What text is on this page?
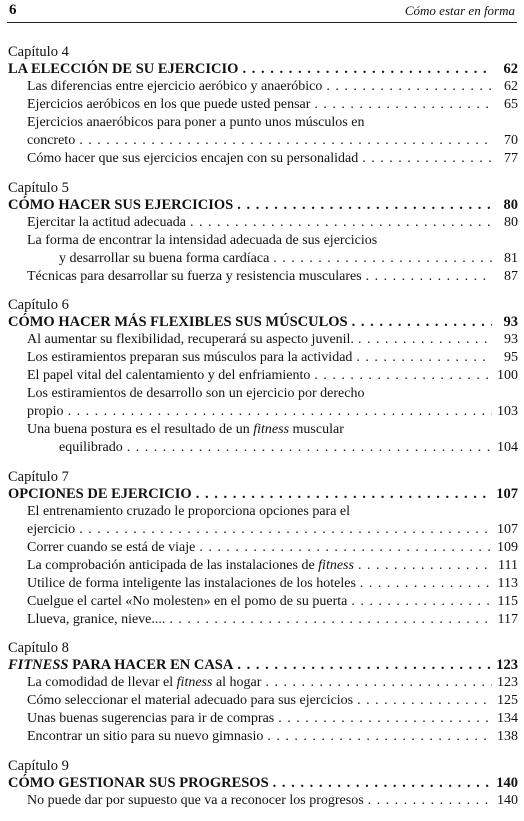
6	Cómo estar en forma
Capítulo 4
LA ELECCIÓN DE SU EJERCICIO . . .	62
Las diferencias entre ejercicio aeróbico y anaeróbico . . .	62
Ejercicios aeróbicos en los que puede usted pensar . . .	65
Ejercicios anaeróbicos para poner a punto unos músculos en
concreto . . .	70
Cómo hacer que sus ejercicios encajen con su personalidad . . .	77
Capítulo 5
CÓMO HACER SUS EJERCICIOS . . .	80
Ejercitar la actitud adecuada . . .	80
La forma de encontrar la intensidad adecuada de sus ejercicios
y desarrollar su buena forma cardíaca . . .	81
Técnicas para desarrollar su fuerza y resistencia musculares . . .	87
Capítulo 6
CÓMO HACER MÁS FLEXIBLES SUS MÚSCULOS . . .	93
Al aumentar su flexibilidad, recuperará su aspecto juvenil. . . .	93
Los estiramientos preparan sus músculos para la actividad . . .	95
El papel vital del calentamiento y del enfriamiento . . .	100
Los estiramientos de desarrollo son un ejercicio por derecho
propio . . .	103
Una buena postura es el resultado de un fitness muscular
equilibrado . . .	104
Capítulo 7
OPCIONES DE EJERCICIO . . .	107
El entrenamiento cruzado le proporciona opciones para el
ejercicio . . .	107
Correr cuando se está de viaje . . .	109
La comprobación anticipada de las instalaciones de fitness . . .	111
Utilice de forma inteligente las instalaciones de los hoteles . . .	113
Cuelgue el cartel «No molesten» en el pomo de su puerta . . .	115
Llueva, granice, nieve.... . . .	117
Capítulo 8
FITNESS PARA HACER EN CASA . . .	123
La comodidad de llevar el fitness al hogar . . .	123
Cómo seleccionar el material adecuado para sus ejercicios . . .	125
Unas buenas sugerencias para ir de compras . . .	134
Encontrar un sitio para su nuevo gimnasio . . .	138
Capítulo 9
CÓMO GESTIONAR SUS PROGRESOS . . .	140
No puede dar por supuesto que va a reconocer los progresos . . .	140
